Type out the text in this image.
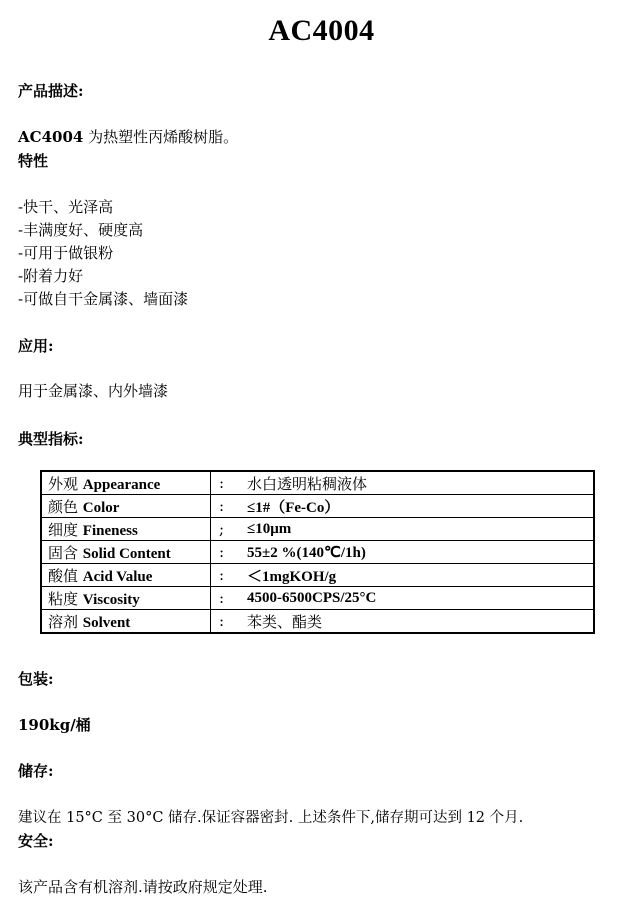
AC4004
产品描述:
AC4004 为热塑性丙烯酸树脂。
特性
-快干、光泽高
-丰满度好、硬度高
-可用于做银粉
-附着力好
-可做自干金属漆、墙面漆
应用:
用于金属漆、内外墙漆
典型指标:
外观 Appearance	:	水白透明粘稠液体
颜色 Color	:	≤1#（Fe-Co）
细度 Fineness	;	≤10μm
固含 Solid Content	:	55±2 %(140℃/1h)
酸值 Acid Value	:	＜1mgKOH/g
粘度 Viscosity	:	4500-6500CPS/25°C
溶剂 Solvent	:	苯类、酯类
包装:
190kg/桶
储存:
建议在 15°C 至 30°C 储存.保证容器密封. 上述条件下,储存期可达到 12 个月.
安全:
该产品含有机溶剂.请按政府规定处理.
